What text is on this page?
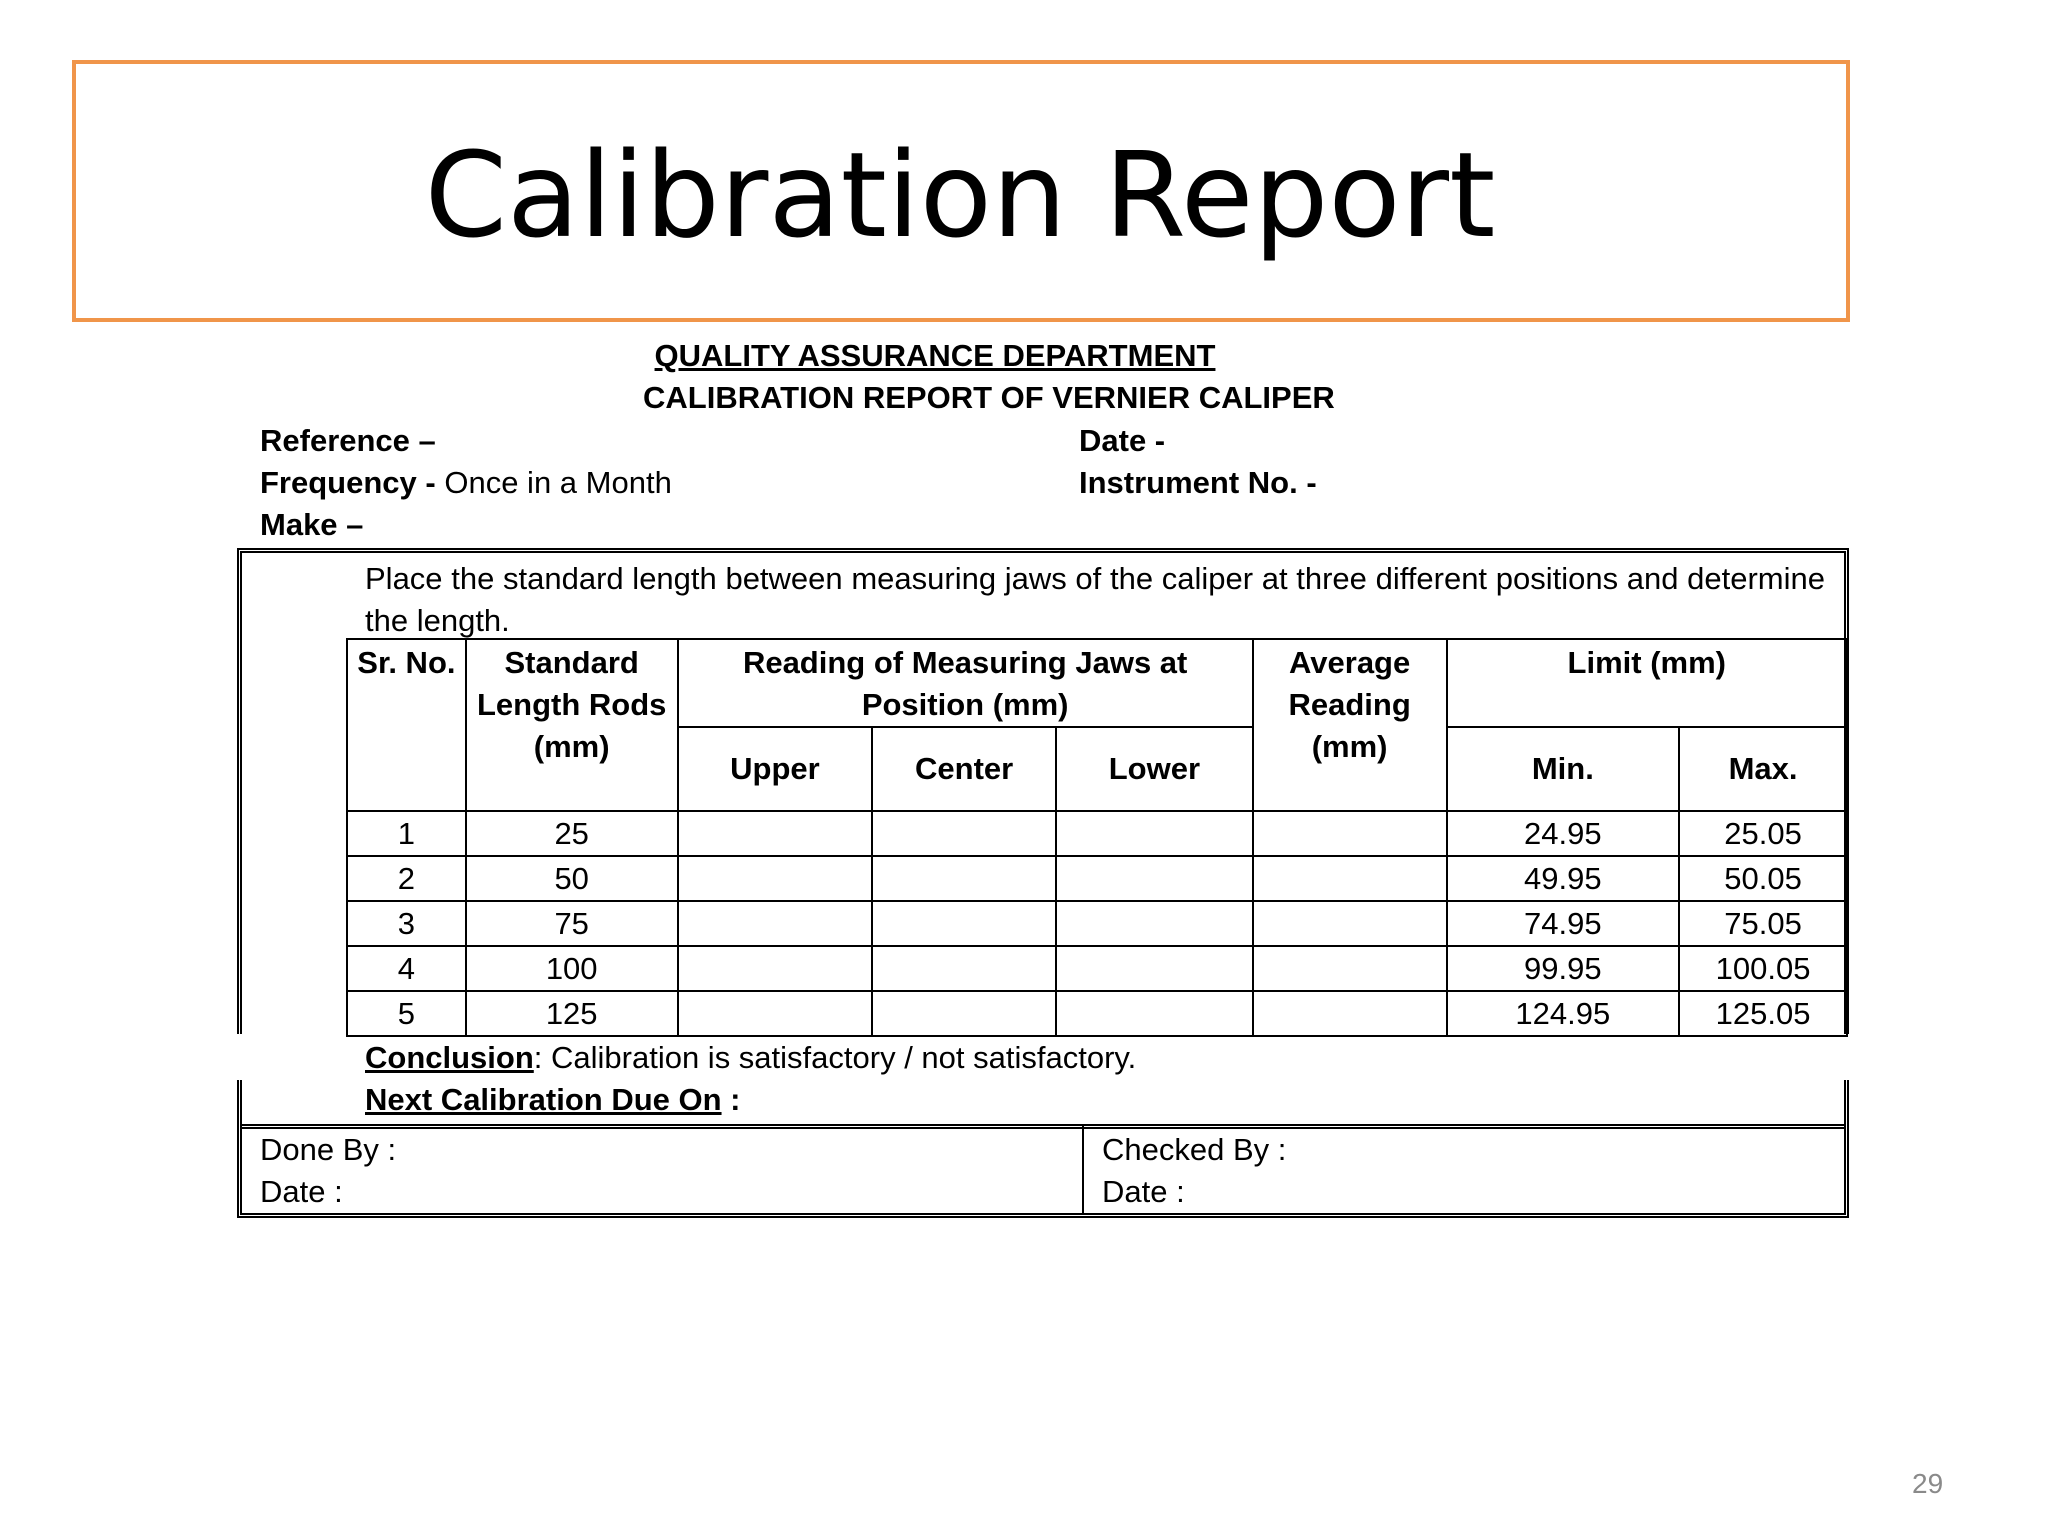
Calibration Report
QUALITY ASSURANCE DEPARTMENT
CALIBRATION REPORT OF VERNIER CALIPER
Reference –	Date -
Frequency - Once in a Month	Instrument No. -
Make –
Place the standard length between measuring jaws of the caliper at three different positions and determine the length.
Sr. No.	Standard Length Rods (mm)	Reading of Measuring Jaws at Position (mm)			Average Reading (mm)	Limit (mm)	
		Upper	Center	Lower		Min.	Max.
1	25					24.95	25.05
2	50					49.95	50.05
3	75					74.95	75.05
4	100					99.95	100.05
5	125					124.95	125.05
Conclusion: Calibration is satisfactory / not satisfactory.
Next Calibration Due On :
Done By :
Date :
Checked By :
Date :
29
